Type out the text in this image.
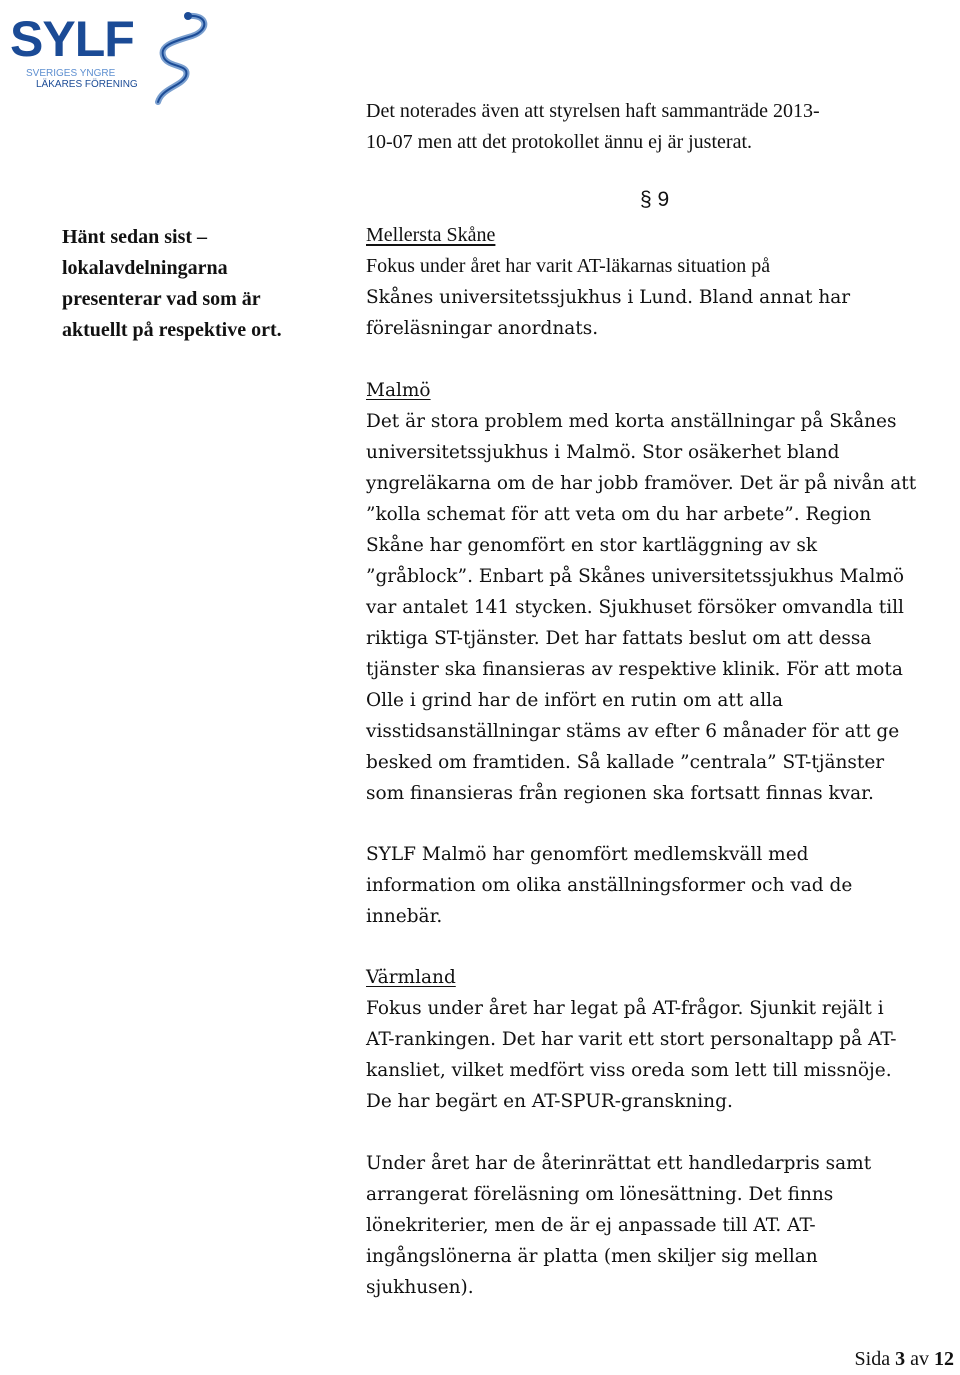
SYLF
SVERIGES YNGRE
LÄKARES FÖRENING

Det noterades även att styrelsen haft sammanträde 2013-
10-07 men att det protokollet ännu ej är justerat.

§ 9
Hänt sedan sist –
lokalavdelningarna
presenterar vad som är
aktuellt på respektive ort.

Mellersta Skåne
Fokus under året har varit AT-läkarnas situation på
Skånes universitetssjukhus i Lund. Bland annat har
föreläsningar anordnats.

Malmö
Det är stora problem med korta anställningar på Skånes
universitetssjukhus i Malmö. Stor osäkerhet bland
yngreläkarna om de har jobb framöver. Det är på nivån att
”kolla schemat för att veta om du har arbete”. Region
Skåne har genomfört en stor kartläggning av sk
”gråblock”. Enbart på Skånes universitetssjukhus Malmö
var antalet 141 stycken. Sjukhuset försöker omvandla till
riktiga ST-tjänster. Det har fattats beslut om att dessa
tjänster ska finansieras av respektive klinik. För att mota
Olle i grind har de infört en rutin om att alla
visstidsanställningar stäms av efter 6 månader för att ge
besked om framtiden. Så kallade ”centrala” ST-tjänster
som finansieras från regionen ska fortsatt finnas kvar.

SYLF Malmö har genomfört medlemskväll med
information om olika anställningsformer och vad de
innebär.

Värmland
Fokus under året har legat på AT-frågor. Sjunkit rejält i
AT-rankingen. Det har varit ett stort personaltapp på AT-
kansliet, vilket medfört viss oreda som lett till missnöje.
De har begärt en AT-SPUR-granskning.

Under året har de återinrättat ett handledarpris samt
arrangerat föreläsning om lönesättning. Det finns
lönekriterier, men de är ej anpassade till AT. AT-
ingångslönerna är platta (men skiljer sig mellan
sjukhusen).

Sida 3 av 12
